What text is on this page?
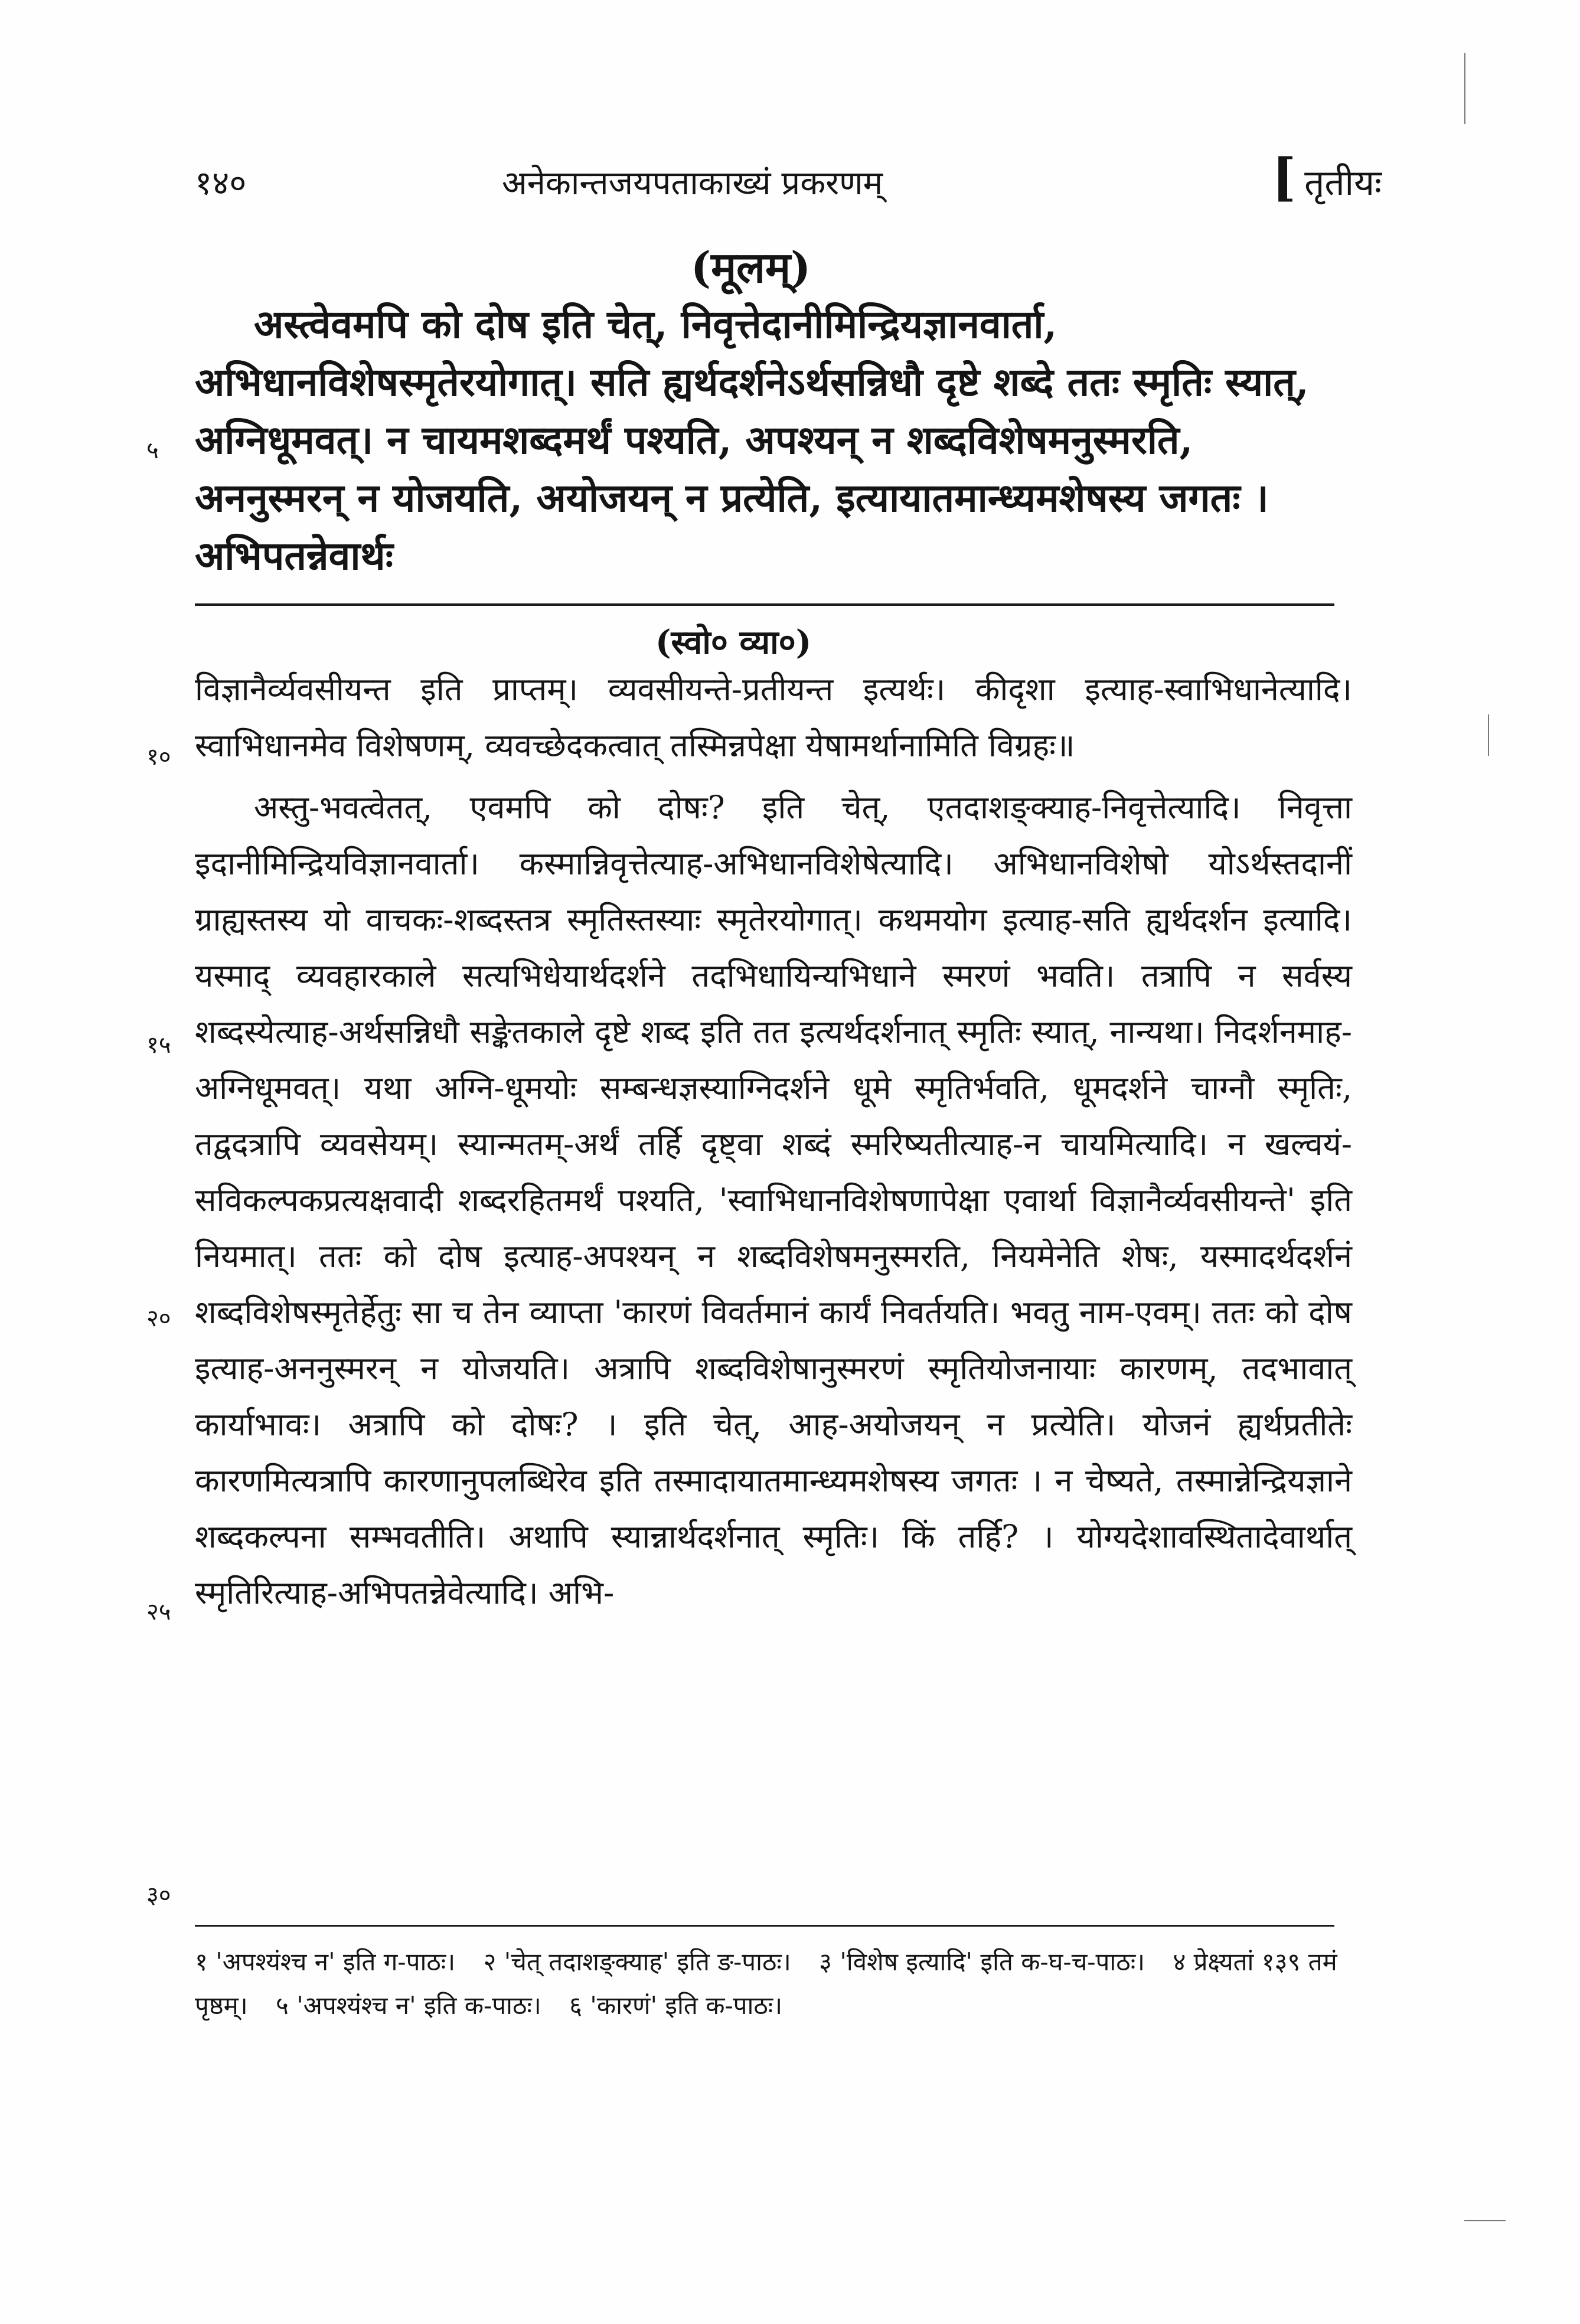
१४०	अनेकान्तजयपताकाख्यं प्रकरणम्	[ तृतीयः
(मूलम्)
अस्त्वेवमपि को दोष इति चेत्, निवृत्तेदानीमिन्द्रियज्ञानवार्ता, अभिधानविशेषस्मृतेरयोगात्। सति ह्यर्थदर्शनेऽर्थसन्निधौ दृष्टे शब्दे ततः स्मृतिः स्यात्, अग्निधूमवत्। न चायमशब्दमर्थं पश्यति, अपश्यन् न शब्दविशेषमनुस्मरति, अननुस्मरन् न योजयति, अयोजयन् न प्रत्येति, इत्यायातमान्ध्यमशेषस्य जगतः । अभिपतन्नेवार्थः
(स्वो० व्या०)

विज्ञानैर्व्यवसीयन्त इति प्राप्तम्। व्यवसीयन्ते-प्रतीयन्त इत्यर्थः। कीदृशा इत्याह-स्वाभिधानेत्यादि। स्वाभिधानमेव विशेषणम्, व्यवच्छेदकत्वात् तस्मिन्नपेक्षा येषामर्थानामिति विग्रहः॥

अस्तु-भवत्वेतत्, एवमपि को दोषः? इति चेत्, एतदाशङ्क्याह-निवृत्तेत्यादि। निवृत्ता इदानीमिन्द्रियविज्ञानवार्ता। कस्मान्निवृत्तेत्याह-अभिधानविशेषेत्यादि। अभिधानविशेषो योऽर्थस्तदानीं ग्राह्यस्तस्य यो वाचकः-शब्दस्तत्र स्मृतिस्तस्याः स्मृतेरयोगात्। कथमयोग इत्याह-सति ह्यर्थदर्शन इत्यादि। यस्माद् व्यवहारकाले सत्यभिधेयार्थदर्शने तदभिधायिन्यभिधाने स्मरणं भवति। तत्रापि न सर्वस्य शब्दस्येत्याह-अर्थसन्निधौ सङ्केतकाले दृष्टे शब्द इति तत इत्यर्थदर्शनात् स्मृतिः स्यात्, नान्यथा। निदर्शनमाह-अग्निधूमवत्। यथा अग्नि-धूमयोः सम्बन्धज्ञस्याग्निदर्शने धूमे स्मृतिर्भवति, धूमदर्शने चाग्नौ स्मृतिः, तद्वदत्रापि व्यवसेयम्। स्यान्मतम्-अर्थं तर्हि दृष्ट्वा शब्दं स्मरिष्यतीत्याह-न चायमित्यादि। न खल्वयं-सविकल्पकप्रत्यक्षवादी शब्दरहितमर्थं पश्यति, 'स्वाभिधानविशेषणापेक्षा एवार्था विज्ञानैर्व्यवसीयन्ते' इति नियमात्। ततः को दोष इत्याह-अपश्यन् न शब्दविशेषमनुस्मरति, नियमेनेति शेषः, यस्मादर्थदर्शनं शब्दविशेषस्मृतेर्हेतुः सा च तेन व्याप्ता 'कारणं विवर्तमानं कार्यं निवर्तयति। भवतु नाम-एवम्। ततः को दोष इत्याह-अननुस्मरन् न योजयति। अत्रापि शब्दविशेषानुस्मरणं स्मृतियोजनायाः कारणम्, तदभावात् कार्याभावः। अत्रापि को दोषः? । इति चेत्, आह-अयोजयन् न प्रत्येति। योजनं ह्यर्थप्रतीतेः कारणमित्यत्रापि कारणानुपलब्धिरेव इति तस्मादायातमान्ध्यमशेषस्य जगतः । न चेष्यते, तस्मान्नेन्द्रियज्ञाने शब्दकल्पना सम्भवतीति। अथापि स्यान्नार्थदर्शनात् स्मृतिः। किं तर्हि? । योग्यदेशावस्थितादेवार्थात् स्मृतिरित्याह-अभिपतन्नेवेत्यादि। अभि-

५
१०
१५
२०
२५
३०
१ 'अपश्यंश्च न' इति ग-पाठः। २ 'चेत् तदाशङ्क्याह' इति ङ-पाठः। ३ 'विशेष इत्यादि' इति क-घ-च-पाठः। ४ प्रेक्ष्यतां १३९ तमं पृष्ठम्। ५ 'अपश्यंश्च न' इति क-पाठः। ६ 'कारणं' इति क-पाठः।
